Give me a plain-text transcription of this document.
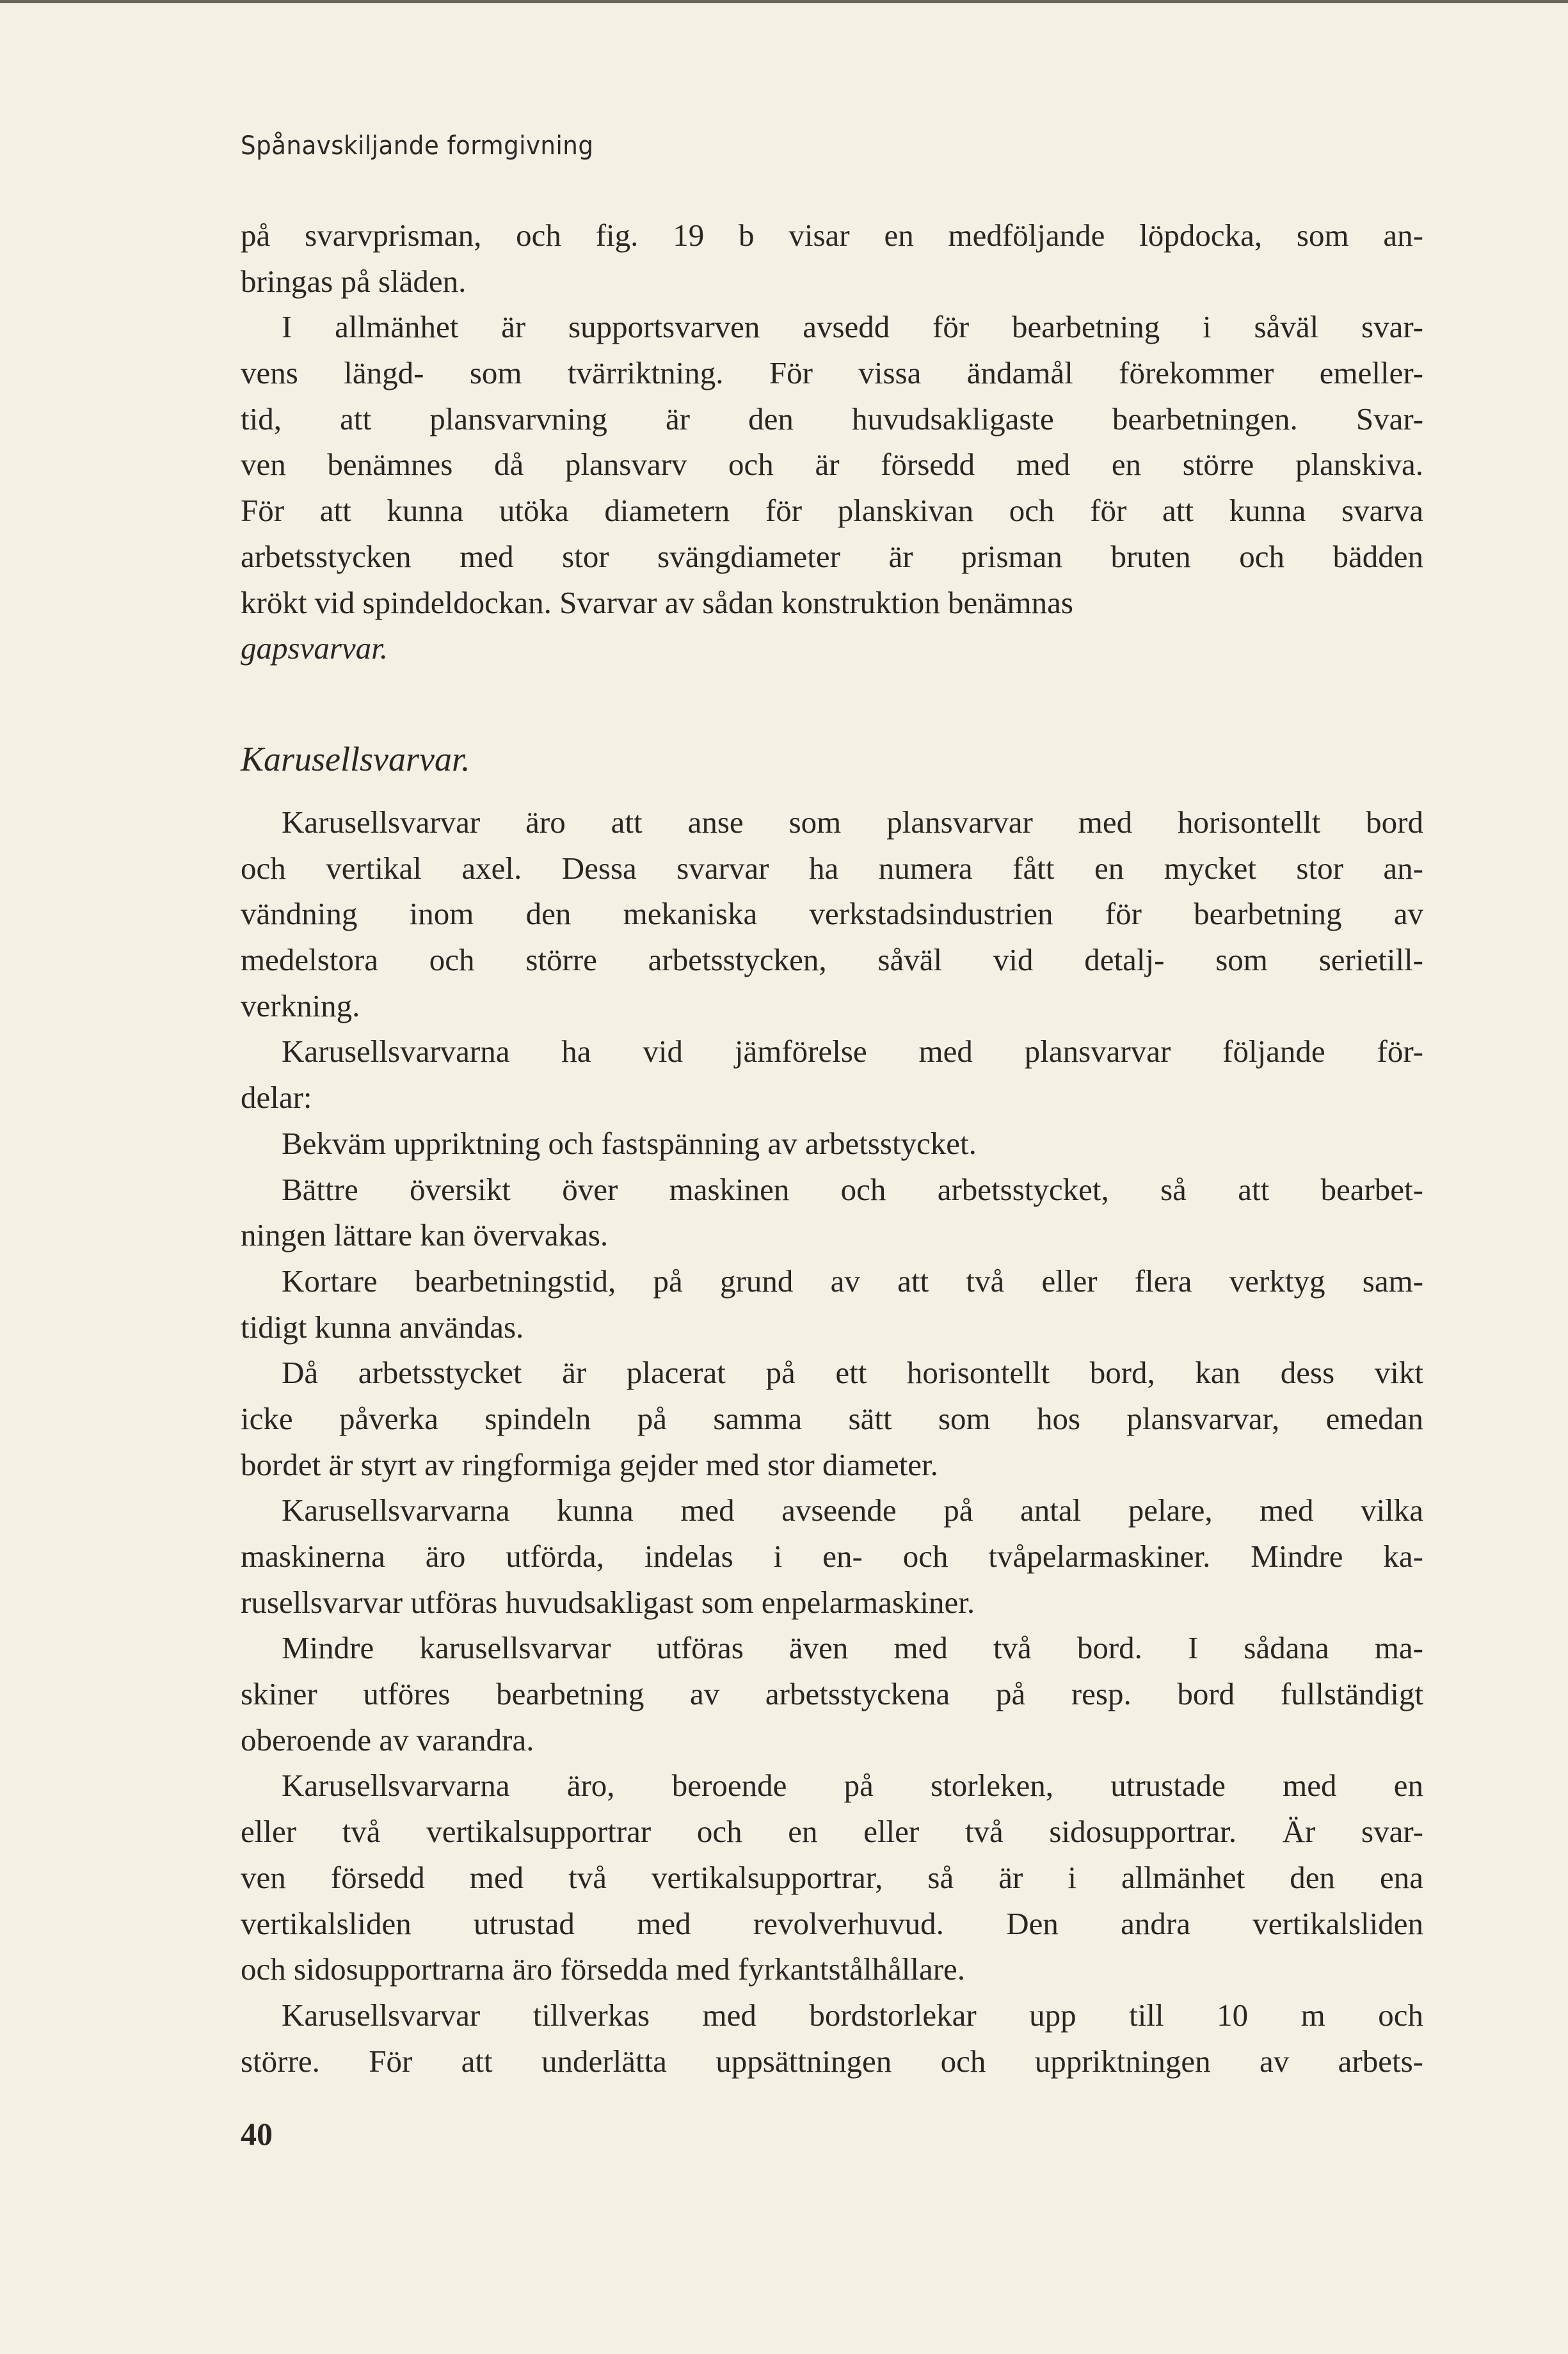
Spånavskiljande formgivning
på svarvprisman, och fig. 19 b visar en medföljande löpdocka, som an-
bringas på släden.
I allmänhet är supportsvarven avsedd för bearbetning i såväl svar-
vens längd- som tvärriktning. För vissa ändamål förekommer emeller-
tid, att plansvarvning är den huvudsakligaste bearbetningen. Svar-
ven benämnes då plansvarv och är försedd med en större planskiva.
För att kunna utöka diametern för planskivan och för att kunna svarva
arbetsstycken med stor svängdiameter är prisman bruten och bädden
krökt vid spindeldockan. Svarvar av sådan konstruktion benämnas
gapsvarvar.
Karusellsvarvar.
Karusellsvarvar äro att anse som plansvarvar med horisontellt bord
och vertikal axel. Dessa svarvar ha numera fått en mycket stor an-
vändning inom den mekaniska verkstadsindustrien för bearbetning av
medelstora och större arbetsstycken, såväl vid detalj- som serietill-
verkning.
Karusellsvarvarna ha vid jämförelse med plansvarvar följande för-
delar:
Bekväm uppriktning och fastspänning av arbetsstycket.
Bättre översikt över maskinen och arbetsstycket, så att bearbet-
ningen lättare kan övervakas.
Kortare bearbetningstid, på grund av att två eller flera verktyg sam-
tidigt kunna användas.
Då arbetsstycket är placerat på ett horisontellt bord, kan dess vikt
icke påverka spindeln på samma sätt som hos plansvarvar, emedan
bordet är styrt av ringformiga gejder med stor diameter.
Karusellsvarvarna kunna med avseende på antal pelare, med vilka
maskinerna äro utförda, indelas i en- och tvåpelarmaskiner. Mindre ka-
rusellsvarvar utföras huvudsakligast som enpelarmaskiner.
Mindre karusellsvarvar utföras även med två bord. I sådana ma-
skiner utföres bearbetning av arbetsstyckena på resp. bord fullständigt
oberoende av varandra.
Karusellsvarvarna äro, beroende på storleken, utrustade med en
eller två vertikalsupportrar och en eller två sidosupportrar. Är svar-
ven försedd med två vertikalsupportrar, så är i allmänhet den ena
vertikalsliden utrustad med revolverhuvud. Den andra vertikalsliden
och sidosupportrarna äro försedda med fyrkantstålhållare.
Karusellsvarvar tillverkas med bordstorlekar upp till 10 m och
större. För att underlätta uppsättningen och uppriktningen av arbets-
40
